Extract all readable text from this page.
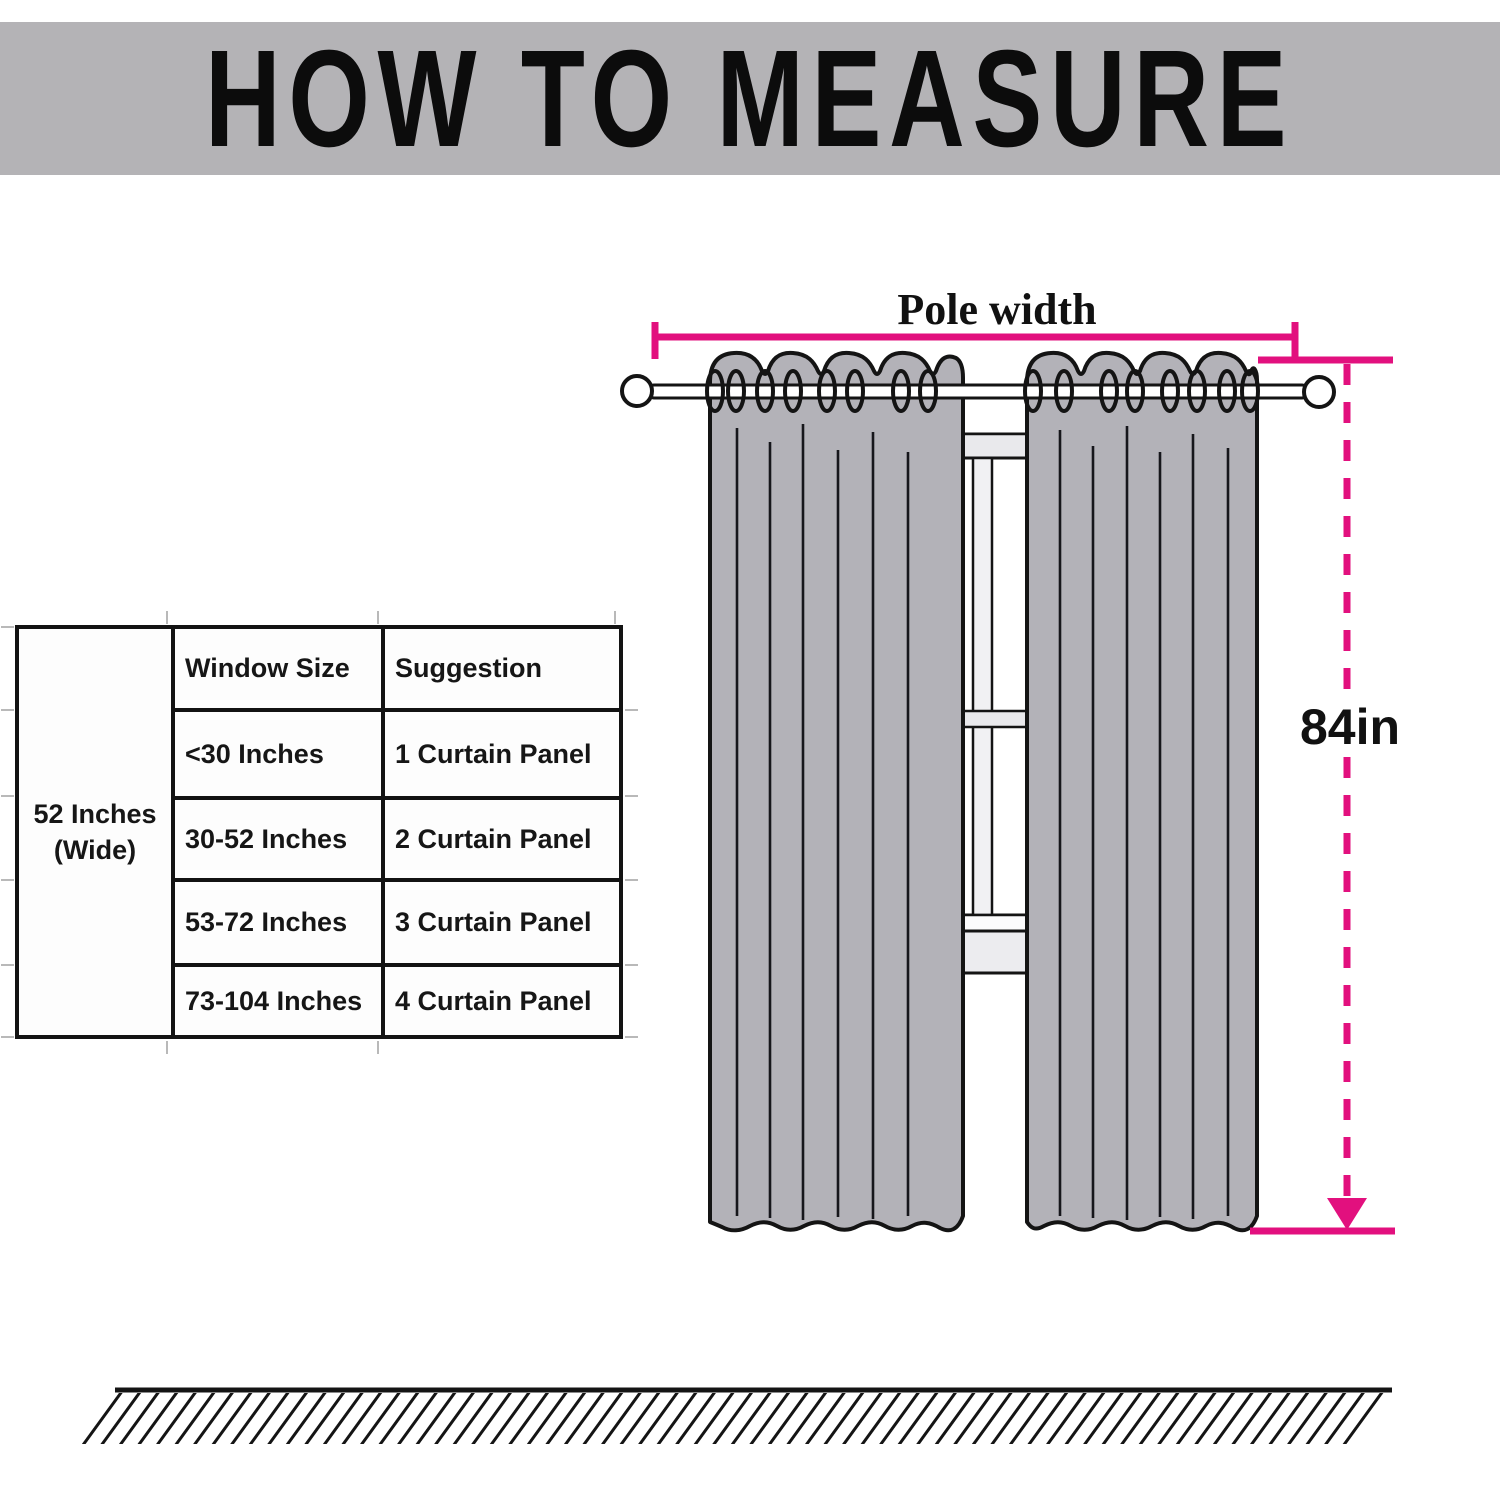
HOW TO MEASURE
Pole width
84in
52 Inches
(Wide)
Window Size	Suggestion
<30 Inches	1 Curtain Panel
30-52 Inches	2 Curtain Panel
53-72 Inches	3 Curtain Panel
73-104 Inches	4 Curtain Panel
